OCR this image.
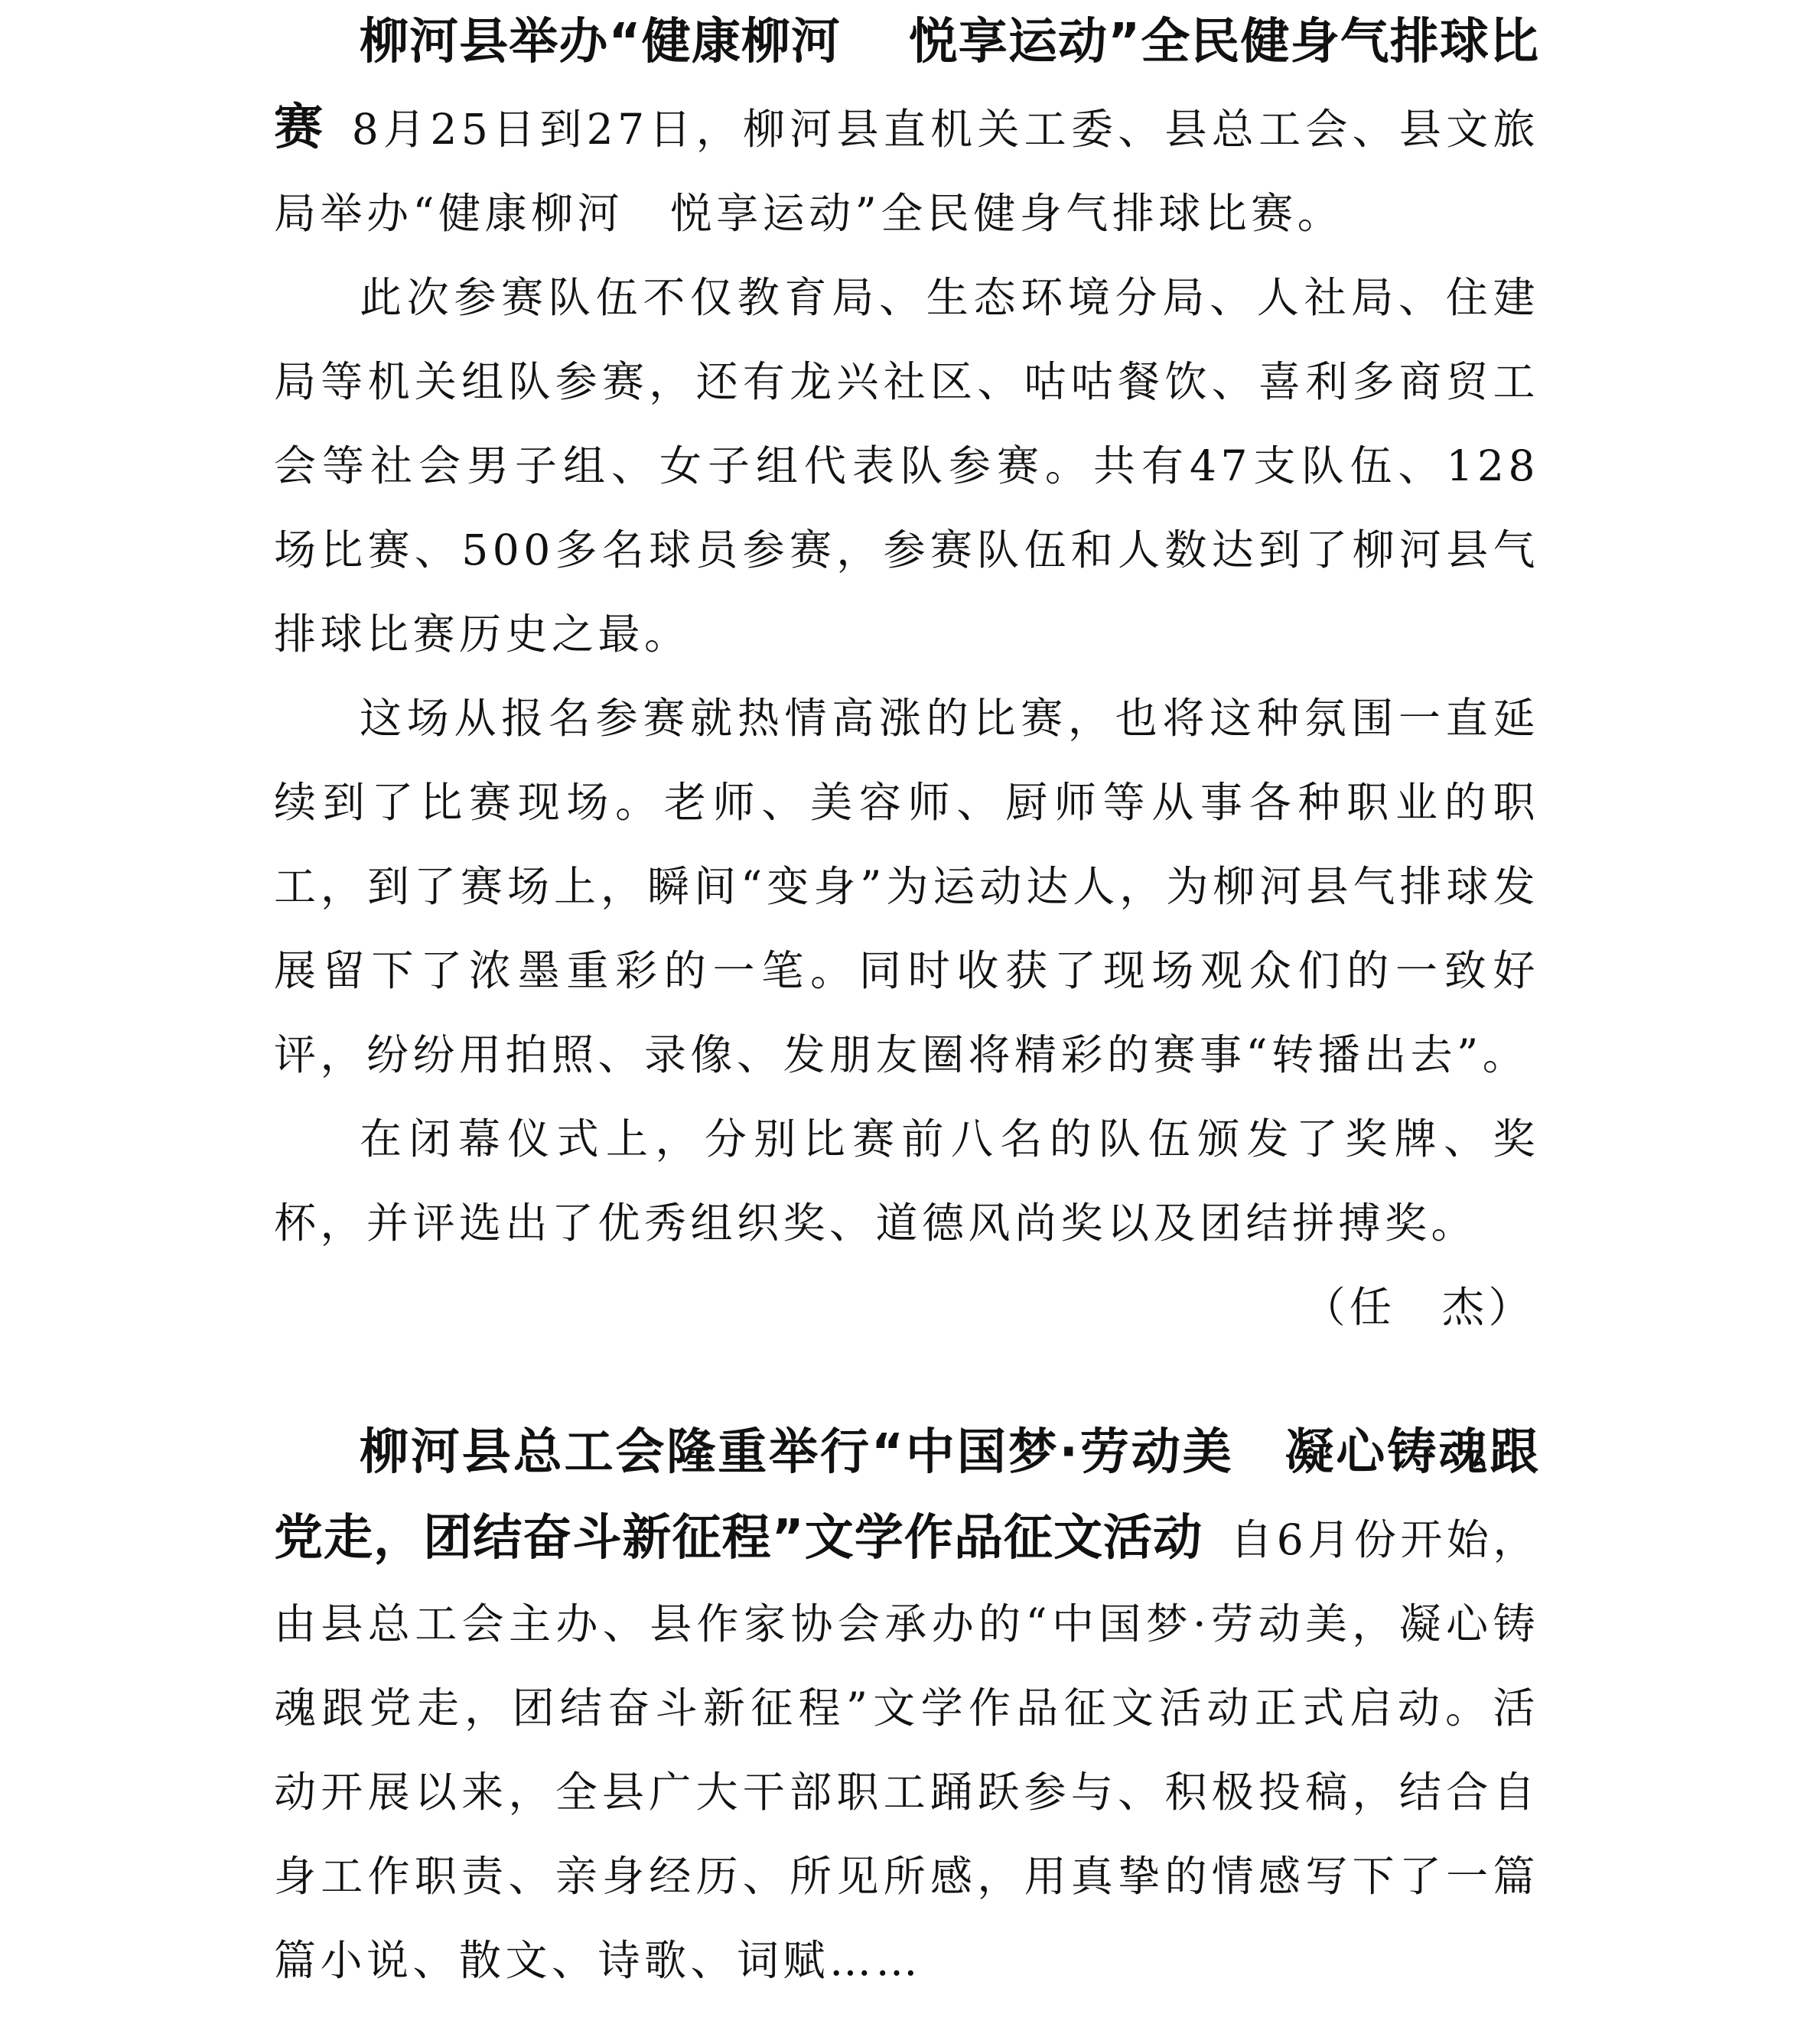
柳河县举办“健康柳河　 悦享运动”全民健身气排球比赛 8月25日到27日，柳河县直机关工委、县总工会、县文旅局举办“健康柳河　悦享运动”全民健身气排球比赛。

此次参赛队伍不仅教育局、生态环境分局、人社局、住建局等机关组队参赛，还有龙兴社区、咕咕餐饮、喜利多商贸工会等社会男子组、女子组代表队参赛。共有47支队伍、128场比赛、500多名球员参赛，参赛队伍和人数达到了柳河县气排球比赛历史之最。

这场从报名参赛就热情高涨的比赛，也将这种氛围一直延续到了比赛现场。老师、美容师、厨师等从事各种职业的职工，到了赛场上，瞬间“变身”为运动达人，为柳河县气排球发展留下了浓墨重彩的一笔。同时收获了现场观众们的一致好评，纷纷用拍照、录像、发朋友圈将精彩的赛事“转播出去”。

在闭幕仪式上，分别比赛前八名的队伍颁发了奖牌、奖杯，并评选出了优秀组织奖、道德风尚奖以及团结拼搏奖。

（任　杰）

柳河县总工会隆重举行“中国梦·劳动美　凝心铸魂跟党走，团结奋斗新征程”文学作品征文活动 自6月份开始，由县总工会主办、县作家协会承办的“中国梦·劳动美，凝心铸魂跟党走，团结奋斗新征程”文学作品征文活动正式启动。活动开展以来，全县广大干部职工踊跃参与、积极投稿，结合自身工作职责、亲身经历、所见所感，用真挚的情感写下了一篇篇小说、散文、诗歌、词赋……
